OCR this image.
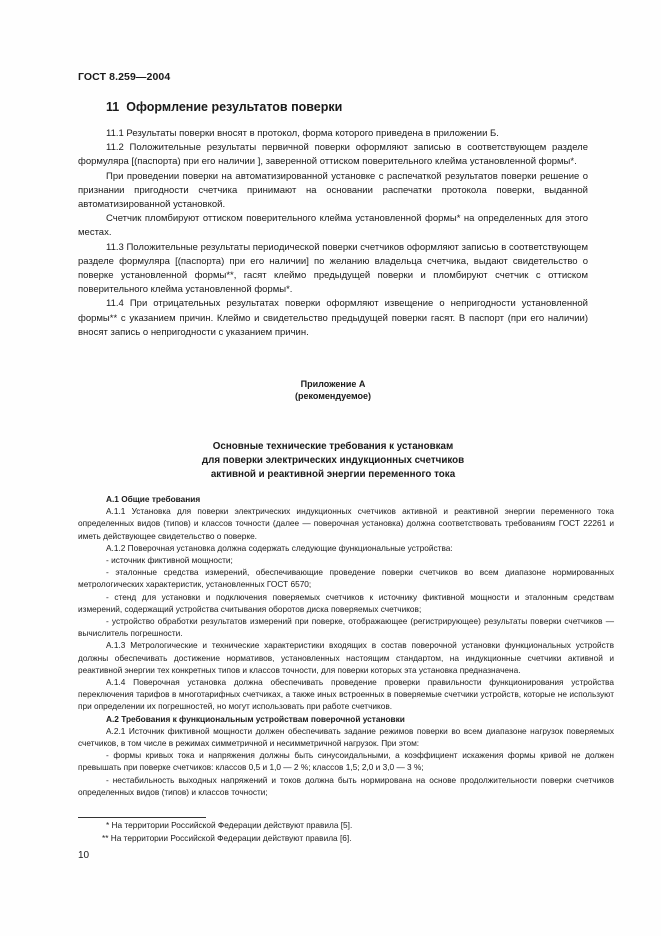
ГОСТ 8.259—2004
11 Оформление результатов поверки

11.1 Результаты поверки вносят в протокол, форма которого приведена в приложении Б.

11.2 Положительные результаты первичной поверки оформляют записью в соответствующем разделе формуляра [(паспорта) при его наличии ], заверенной оттиском поверительного клейма установленной формы*.

При проведении поверки на автоматизированной установке с распечаткой результатов поверки решение о признании пригодности счетчика принимают на основании распечатки протокола поверки, выданной автоматизированной установкой.

Счетчик пломбируют оттиском поверительного клейма установленной формы* на определенных для этого местах.

11.3 Положительные результаты периодической поверки счетчиков оформляют записью в соответствующем разделе формуляра [(паспорта) при его наличии] по желанию владельца счетчика, выдают свидетельство о поверке установленной формы**, гасят клеймо предыдущей поверки и пломбируют счетчик с оттиском поверительного клейма установленной формы*.

11.4 При отрицательных результатах поверки оформляют извещение о непригодности установленной формы** с указанием причин. Клеймо и свидетельство предыдущей поверки гасят. В паспорт (при его наличии) вносят запись о непригодности с указанием причин.

Приложение А
(рекомендуемое)
Основные технические требования к установкам
для поверки электрических индукционных счетчиков
активной и реактивной энергии переменного тока

А.1 Общие требования

А.1.1 Установка для поверки электрических индукционных счетчиков активной и реактивной энергии переменного тока определенных видов (типов) и классов точности (далее — поверочная установка) должна соответствовать требованиям ГОСТ 22261 и иметь действующее свидетельство о поверке.

А.1.2 Поверочная установка должна содержать следующие функциональные устройства:

- источник фиктивной мощности;

- эталонные средства измерений, обеспечивающие проведение поверки счетчиков во всем диапазоне нормированных метрологических характеристик, установленных ГОСТ 6570;

- стенд для установки и подключения поверяемых счетчиков к источнику фиктивной мощности и эталонным средствам измерений, содержащий устройства считывания оборотов диска поверяемых счетчиков;

- устройство обработки результатов измерений при поверке, отображающее (регистрирующее) результаты поверки счетчиков — вычислитель погрешности.

А.1.3 Метрологические и технические характеристики входящих в состав поверочной установки функциональных устройств должны обеспечивать достижение нормативов, установленных настоящим стандартом, на индукционные счетчики активной и реактивной энергии тех конкретных типов и классов точности, для поверки которых эта установка предназначена.

А.1.4 Поверочная установка должна обеспечивать проведение проверки правильности функционирования устройства переключения тарифов в многотарифных счетчиках, а также иных встроенных в поверяемые счетчики устройств, которые не используют при определении их погрешностей, но могут использовать при работе счетчиков.

А.2 Требования к функциональным устройствам поверочной установки

А.2.1 Источник фиктивной мощности должен обеспечивать задание режимов поверки во всем диапазоне нагрузок поверяемых счетчиков, в том числе в режимах симметричной и несимметричной нагрузок. При этом:

- формы кривых тока и напряжения должны быть синусоидальными, а коэффициент искажения формы кривой не должен превышать при поверке счетчиков: классов 0,5 и 1,0 — 2 %; классов 1,5; 2,0 и 3,0 — 3 %;

- нестабильность выходных напряжений и токов должна быть нормирована на основе продолжительности поверки счетчиков определенных видов (типов) и классов точности;

* На территории Российской Федерации действуют правила [5].
** На территории Российской Федерации действуют правила [6].
10
